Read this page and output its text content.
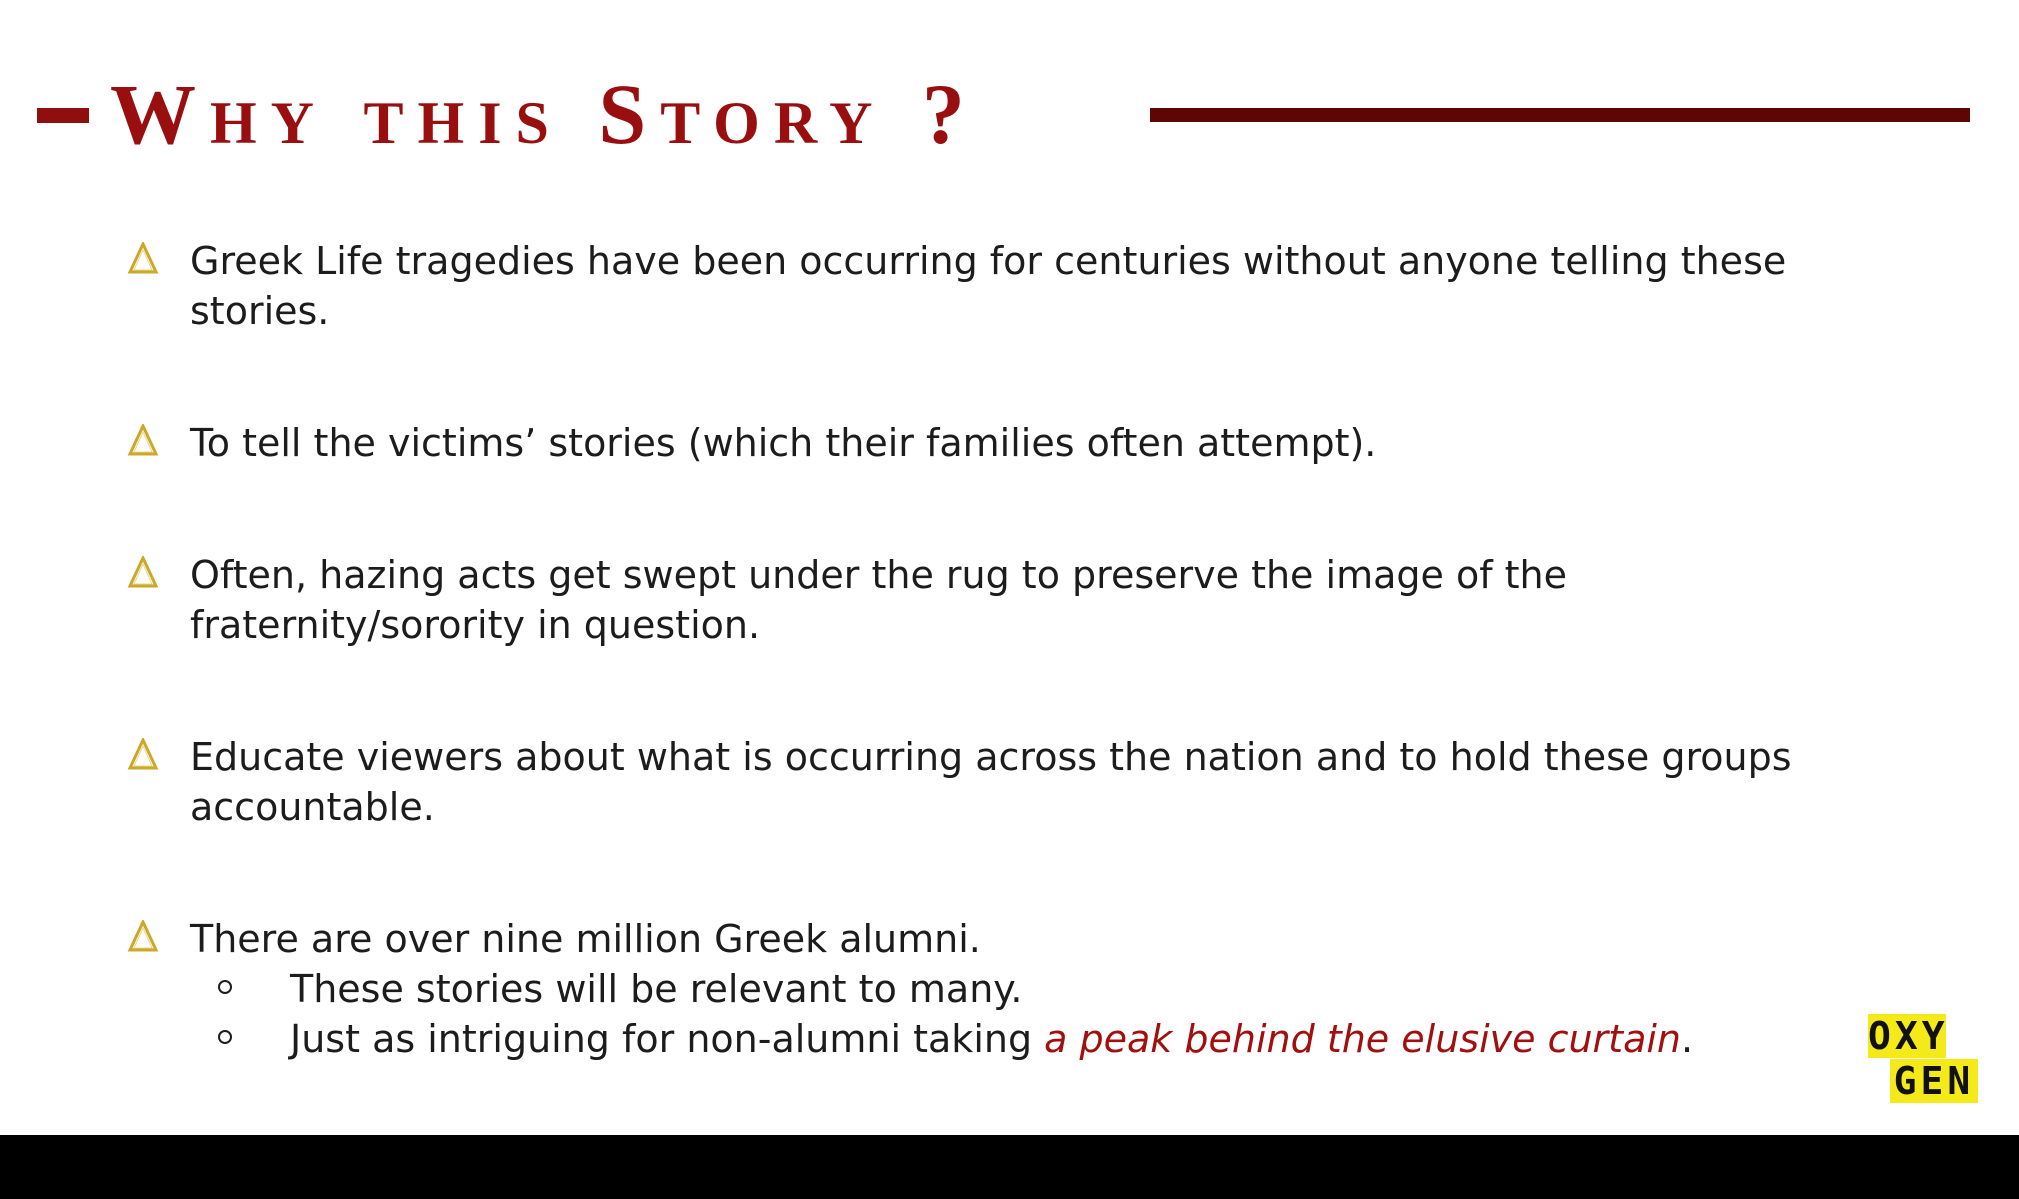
Why this Story ?

Greek Life tragedies have been occurring for centuries without anyone telling these stories.

To tell the victims’ stories (which their families often attempt).

Often, hazing acts get swept under the rug to preserve the image of the fraternity/sorority in question.

Educate viewers about what is occurring across the nation and to hold these groups accountable.

There are over nine million Greek alumni.

These stories will be relevant to many.

Just as intriguing for non-alumni taking a peak behind the elusive curtain.	OXY
GEN
